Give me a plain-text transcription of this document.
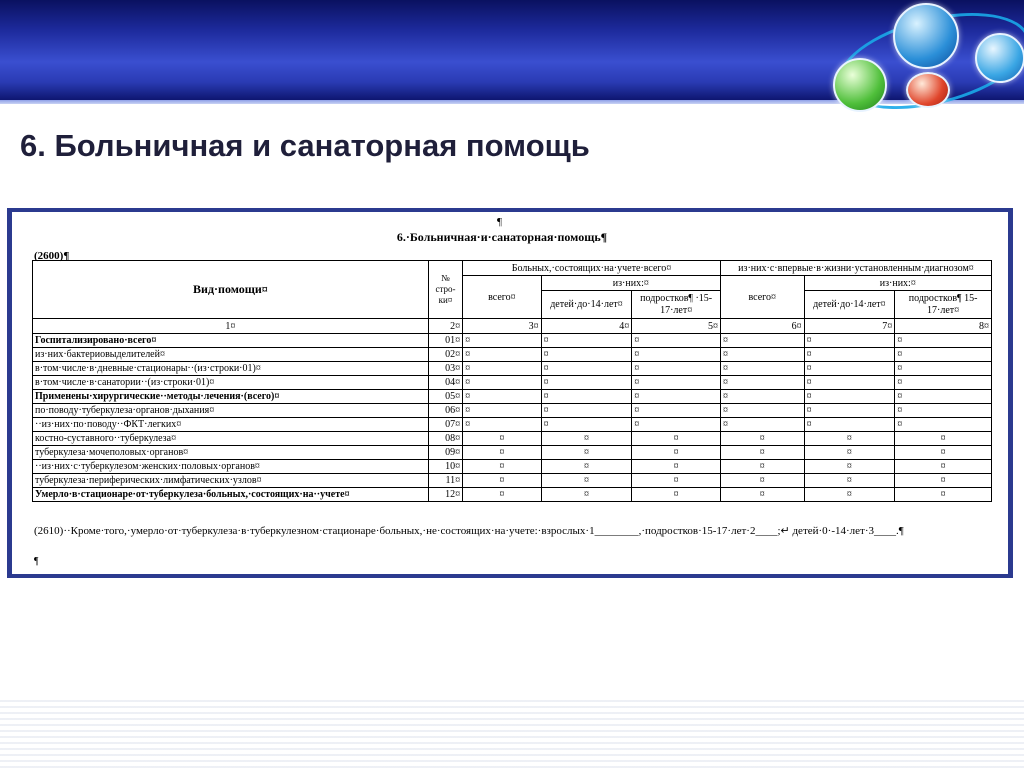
6. Больничная и санаторная помощь
¶
6.·Больничная·и·санаторная·помощь¶
(2600)¶
Вид·помощи¤	№ стро- ки¤	Больных,·состоящих·на·учете·всего¤			из·них·с·впервые·в·жизни·установленным·диагнозом¤		
		всего¤	из·них:¤		всего¤	из·них:¤	
			детей·до·14·лет¤	подростков¶ ·15-17·лет¤		детей·до·14·лет¤	подростков¶ 15-17·лет¤
1¤	2¤	3¤	4¤	5¤	6¤	7¤	8¤
Госпитализировано·всего¤	01¤	¤	¤	¤	¤	¤	¤
из·них·бактериовыделителей¤	02¤	¤	¤	¤	¤	¤	¤
в·том·числе·в·дневные·стационары··(из·строки·01)¤	03¤	¤	¤	¤	¤	¤	¤
в·том·числе·в·санатории··(из·строки·01)¤	04¤	¤	¤	¤	¤	¤	¤
Применены·хирургические··методы·лечения·(всего)¤	05¤	¤	¤	¤	¤	¤	¤
по·поводу·туберкулеза·органов·дыхания¤	06¤	¤	¤	¤	¤	¤	¤
··из·них·по·поводу··ФКТ·легких¤	07¤	¤	¤	¤	¤	¤	¤
костно-суставного··туберкулеза¤	08¤	¤	¤	¤	¤	¤	¤
туберкулеза·мочеполовых·органов¤	09¤	¤	¤	¤	¤	¤	¤
··из·них·с·туберкулезом·женских·половых·органов¤	10¤	¤	¤	¤	¤	¤	¤
туберкулеза·периферических·лимфатических·узлов¤	11¤	¤	¤	¤	¤	¤	¤
Умерло·в·стационаре·от·туберкулеза·больных,·состоящих·на··учете¤	12¤	¤	¤	¤	¤	¤	¤
(2610)··Кроме·того,·умерло·от·туберкулеза·в·туберкулезном·стационаре·больных,·не·состоящих·на·учете:·взрослых·1________,·подростков·15-17·лет·2____;↵ детей·0·-14·лет·3____.¶
¶
